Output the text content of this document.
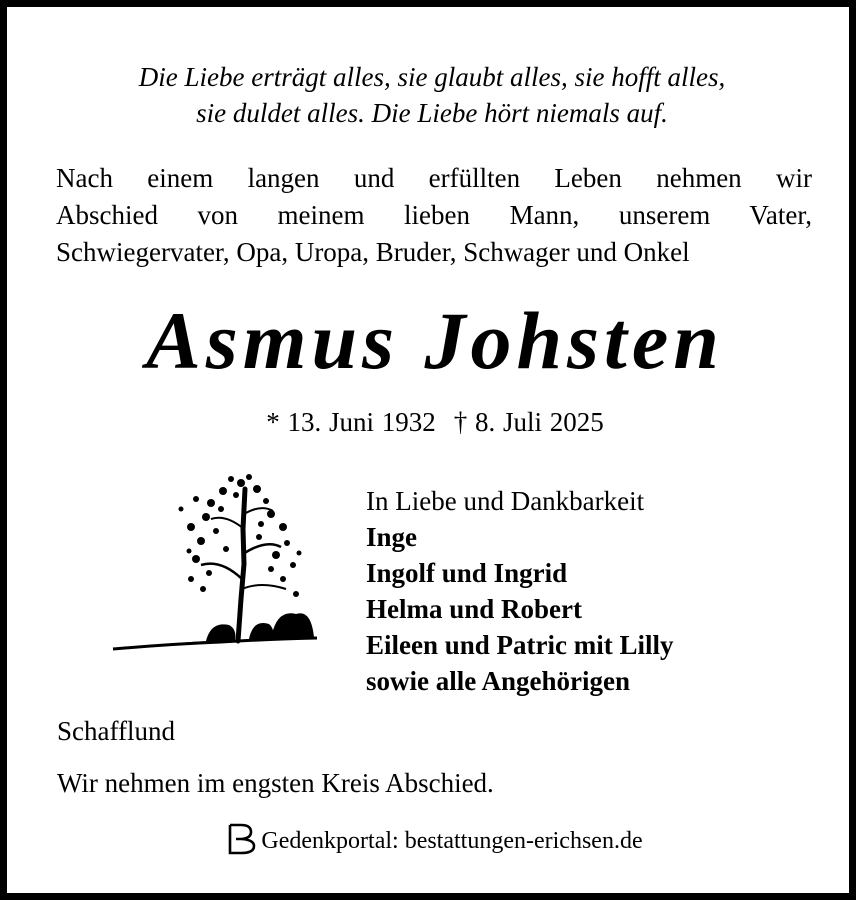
Die Liebe erträgt alles, sie glaubt alles, sie hofft alles,
sie duldet alles. Die Liebe hört niemals auf.
Nach einem langen und erfüllten Leben nehmen wir
Abschied von meinem lieben Mann, unserem Vater,
Schwiegervater, Opa, Uropa, Bruder, Schwager und Onkel
Asmus Johsten
* 13. Juni 1932 † 8. Juli 2025
In Liebe und Dankbarkeit
Inge
Ingolf und Ingrid
Helma und Robert
Eileen und Patric mit Lilly
sowie alle Angehörigen
Schafflund
Wir nehmen im engsten Kreis Abschied.
Gedenkportal: bestattungen-erichsen.de
